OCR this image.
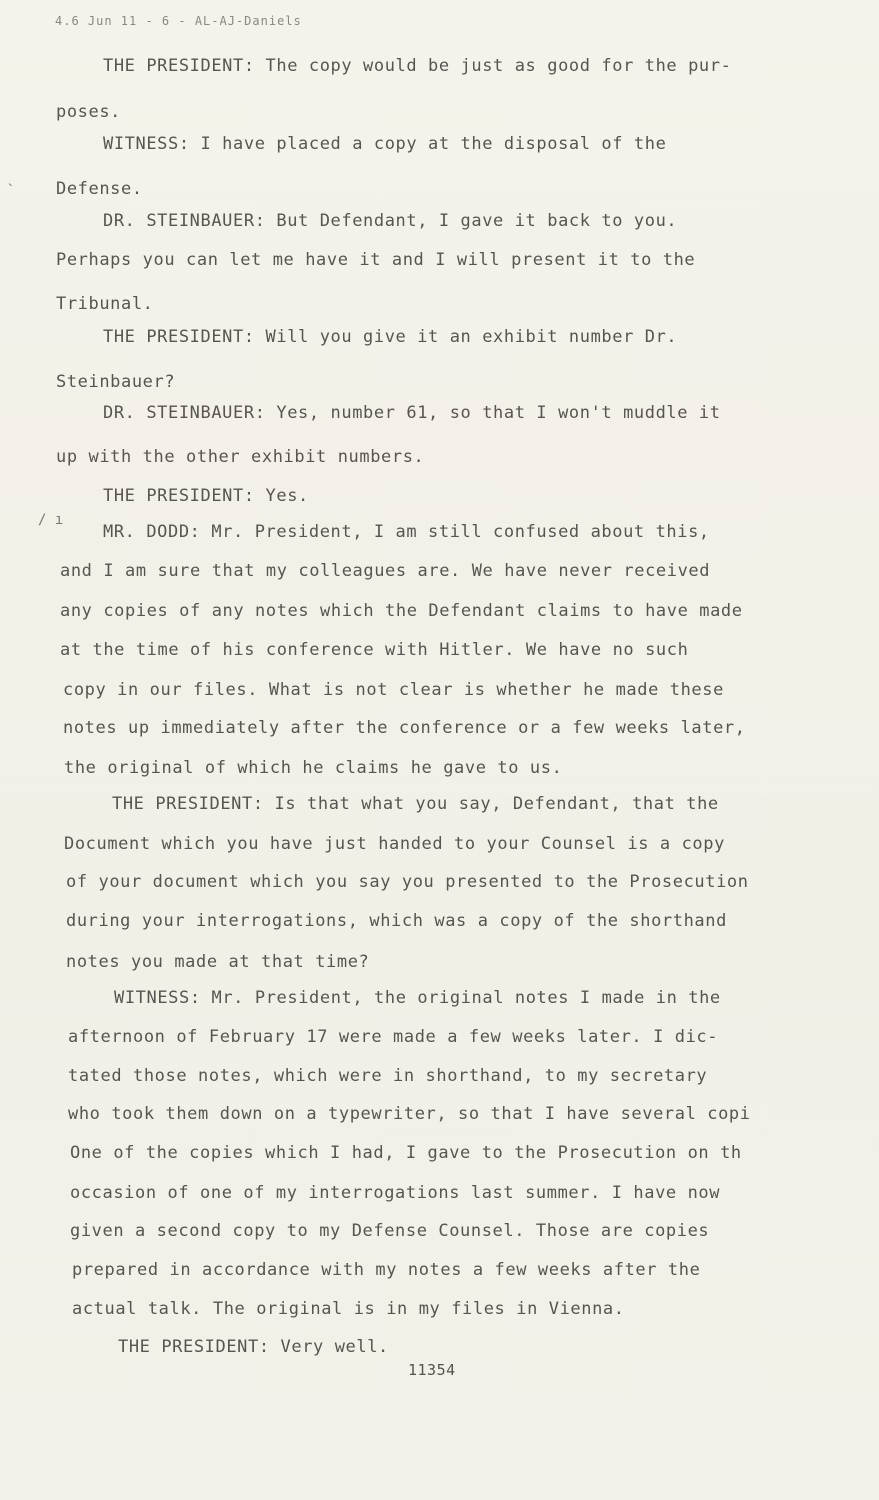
4.6 Jun 11 - 6 - AL-AJ-Daniels
ˎ
/ ı
THE PRESIDENT: The copy would be just as good for the pur-
poses.
WITNESS: I have placed a copy at the disposal of the
Defense.
DR. STEINBAUER: But Defendant, I gave it back to you.
Perhaps you can let me have it and I will present it to the
Tribunal.
THE PRESIDENT: Will you give it an exhibit number Dr.
Steinbauer?
DR. STEINBAUER: Yes, number 61, so that I won't muddle it
up with the other exhibit numbers.
THE PRESIDENT: Yes.
MR. DODD: Mr. President, I am still confused about this,
and I am sure that my colleagues are. We have never received
any copies of any notes which the Defendant claims to have made
at the time of his conference with Hitler. We have no such
copy in our files. What is not clear is whether he made these
notes up immediately after the conference or a few weeks later,
the original of which he claims he gave to us.
THE PRESIDENT: Is that what you say, Defendant, that the
Document which you have just handed to your Counsel is a copy
of your document which you say you presented to the Prosecution
during your interrogations, which was a copy of the shorthand
notes you made at that time?
WITNESS: Mr. President, the original notes I made in the
afternoon of February 17 were made a few weeks later. I dic-
tated those notes, which were in shorthand, to my secretary
who took them down on a typewriter, so that I have several copi
One of the copies which I had, I gave to the Prosecution on th
occasion of one of my interrogations last summer. I have now
given a second copy to my Defense Counsel. Those are copies
prepared in accordance with my notes a few weeks after the
actual talk. The original is in my files in Vienna.
THE PRESIDENT: Very well.
11354
